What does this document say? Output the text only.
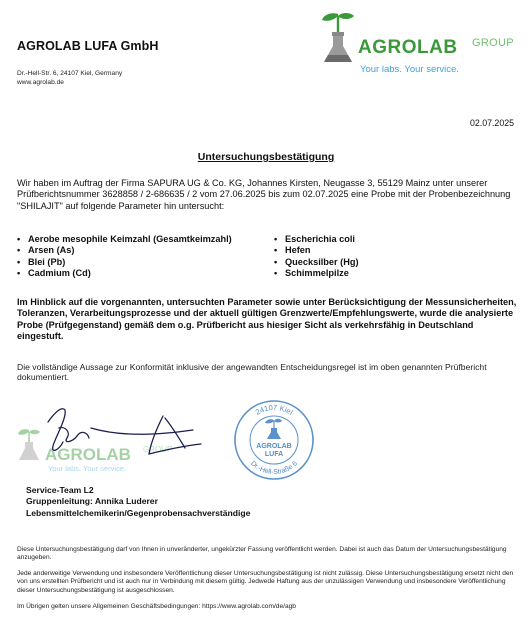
AGROLAB LUFA GmbH
Dr.-Hell-Str. 6, 24107 Kiel, Germany
www.agrolab.de
AGROLAB GROUP
Your labs. Your service.
02.07.2025
Untersuchungsbestätigung
Wir haben im Auftrag der Firma SAPURA UG & Co. KG, Johannes Kirsten, Neugasse 3, 55129 Mainz unter unserer Prüfberichtsnummer 3628858 / 2-686635 / 2 vom 27.06.2025 bis zum 02.07.2025 eine Probe mit der Probenbezeichnung "SHILAJIT" auf folgende Parameter hin untersucht:
• Aerobe mesophile Keimzahl (Gesamtkeimzahl)
• Arsen (As)
• Blei (Pb)
• Cadmium (Cd)
• Escherichia coli
• Hefen
• Quecksilber (Hg)
• Schimmelpilze
Im Hinblick auf die vorgenannten, untersuchten Parameter sowie unter Berücksichtigung der Messunsicherheiten, Toleranzen, Verarbeitungsprozesse und der aktuell gültigen Grenzwerte/Empfehlungswerte, wurde die analysierte Probe (Prüfgegenstand) gemäß dem o.g. Prüfbericht aus hiesiger Sicht als verkehrsfähig in Deutschland eingestuft.
Die vollständige Aussage zur Konformität inklusive der angewandten Entscheidungsregel ist im oben genannten Prüfbericht dokumentiert.
AGROLAB GROUP
Your labs. Your service.
24107 Kiel
Dr.-Hell-Straße 6
AGROLAB
LUFA
Service-Team L2
Gruppenleitung: Annika Luderer
Lebensmittelchemikerin/Gegenprobensachverständige
Diese Untersuchungsbestätigung darf von Ihnen in unveränderter, ungekürzter Fassung veröffentlicht werden. Dabei ist auch das Datum der Untersuchungsbestätigung anzugeben.
Jede anderweitige Verwendung und insbesondere Veröffentlichung dieser Untersuchungsbestätigung ist nicht zulässig. Diese Untersuchungsbestätigung ersetzt nicht den von uns erstellten Prüfbericht und ist auch nur in Verbindung mit diesem gültig. Jedwede Haftung aus der unzulässigen Verwendung und insbesondere Veröffentlichung dieser Untersuchungsbestätigung ist ausgeschlossen.
Im Übrigen gelten unsere Allgemeinen Geschäftsbedingungen: https://www.agrolab.com/de/agb
